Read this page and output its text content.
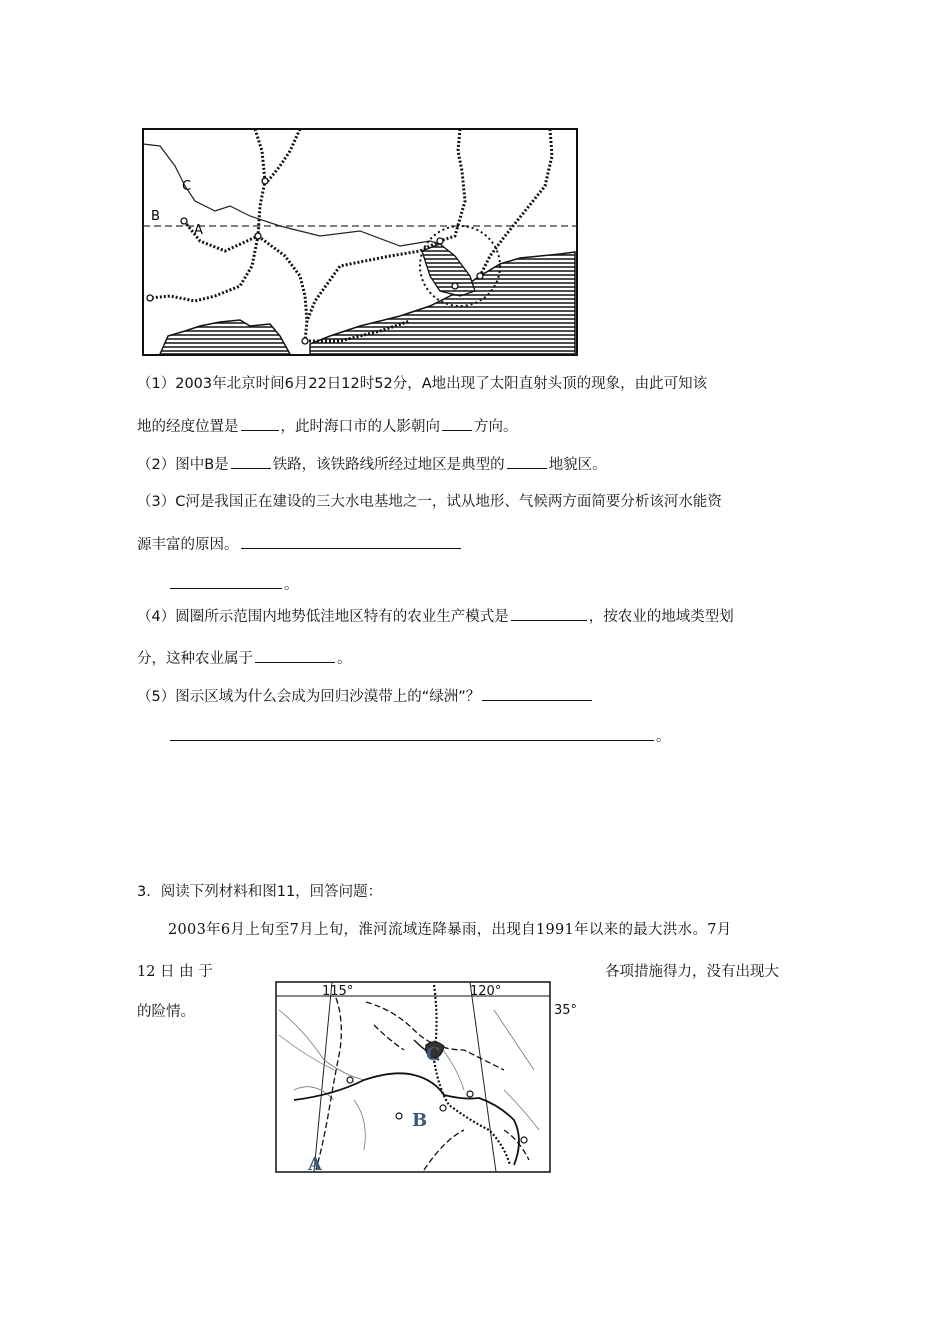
C
B
A
（1）2003年北京时间6月22日12时52分，A地出现了太阳直射头顶的现象，由此可知该
地的经度位置是	，此时海口市的人影朝向 方向。
（2）图中B是	铁路，该铁路线所经过地区是典型的	地貌区。
（3）C河是我国正在建设的三大水电基地之一，试从地形、气候两方面简要分析该河水能资
源丰富的原因。
。
（4）圆圈所示范围内地势低洼地区特有的农业生产模式是	，按农业的地域类型划
分，这种农业属于	。
（5）图示区域为什么会成为回归沙漠带上的“绿洲”？
。
3．阅读下列材料和图11，回答问题：
2003年6月上旬至7月上旬，淮河流域连降暴雨，出现自1991年以来的最大洪水。7月
12 日 由 于	各项措施得力，没有出现大
的险情。
115°	120°
35°
A
B
C
